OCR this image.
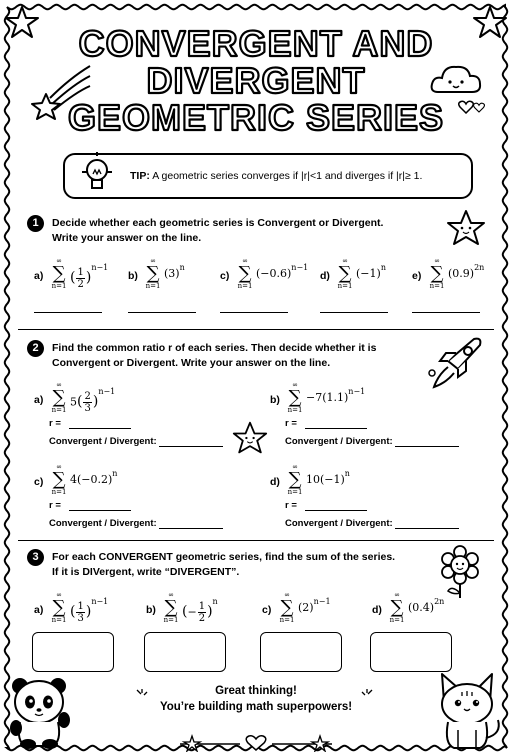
CONVERGENT AND
DIVERGENT
GEOMETRIC SERIES
TIP: A geometric series converges if |r|<1 and diverges if |r|≥ 1.
1	Decide whether each geometric series is Convergent or Divergent.
Write your answer on the line.
a)
∞
∑
n=1
( $\frac{1}{2} )^{n-1}$
b)
∞
∑
n=1
$(3)^n$
c)
∞
∑
n=1
$(-0.6)^{n-1}$
d)
∞
∑
n=1
$(-1)^n$
e)
∞
∑
n=1
$(0.9)^{2n}$
2	Find the common ratio r of each series. Then decide whether it is
Convergent or Divergent. Write your answer on the line.
a)
∞
∑
n=1
$5( \frac{2}{3} )^{n-1}$
r =
Convergent / Divergent:
b)
∞
∑
n=1
$-7(1.1)^{n-1}$
r =
Convergent / Divergent:
c)
∞
∑
n=1
$4(-0.2)^n$
r =
Convergent / Divergent:
d)
∞
∑
n=1
$10(-1)^n$
r =
Convergent / Divergent:
3	For each CONVERGENT geometric series, find the sum of the series.
If it is DIVergent, write “DIVERGENT”.
a)
∞
∑
n=1
( $\frac{1}{3} )^{n-1}$
b)
∞
∑
n=1
(− $\frac{1}{2} )^n$
c)
∞
∑
n=1
$(2)^{n-1}$
d)
∞
∑
n=1
$(0.4)^{2n}$
Great thinking!
You’re building math superpowers!
